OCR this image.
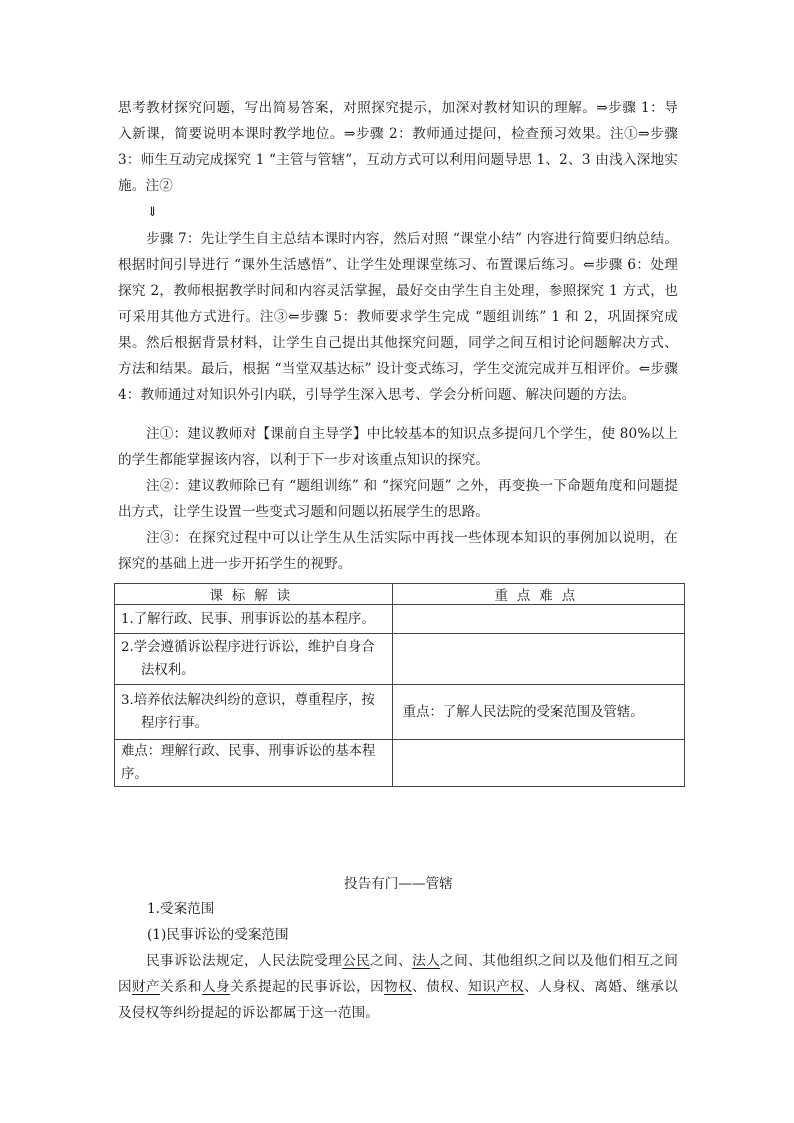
思考教材探究问题，写出简易答案，对照探究提示，加深对教材知识的理解。⇒步骤 1：导入新课，简要说明本课时教学地位。⇒步骤 2：教师通过提问，检查预习效果。注①⇒步骤 3：师生互动完成探究 1 “主管与管辖”，互动方式可以利用问题导思 1、2、3 由浅入深地实施。注②

⇓

步骤 7：先让学生自主总结本课时内容，然后对照 “课堂小结” 内容进行简要归纳总结。根据时间引导进行 “课外生活感悟”、让学生处理课堂练习、布置课后练习。⇐步骤 6：处理探究 2，教师根据教学时间和内容灵活掌握，最好交由学生自主处理，参照探究 1 方式，也可采用其他方式进行。注③⇐步骤 5：教师要求学生完成 “题组训练” 1 和 2，巩固探究成果。然后根据背景材料，让学生自己提出其他探究问题，同学之间互相讨论问题解决方式、方法和结果。最后，根据 “当堂双基达标” 设计变式练习，学生交流完成并互相评价。⇐步骤 4：教师通过对知识外引内联，引导学生深入思考、学会分析问题、解决问题的方法。

注①：建议教师对【课前自主导学】中比较基本的知识点多提问几个学生，使 80%以上的学生都能掌握该内容，以利于下一步对该重点知识的探究。

注②：建议教师除已有 “题组训练” 和 “探究问题” 之外，再变换一下命题角度和问题提出方式，让学生设置一些变式习题和问题以拓展学生的思路。

注③：在探究过程中可以让学生从生活实际中再找一些体现本知识的事例加以说明，在探究的基础上进一步开拓学生的视野。

课标解读	重点难点
1.了解行政、民事、刑事诉讼的基本程序。	
2.学会遵循诉讼程序进行诉讼，维护自身合法权利。	
3.培养依法解决纠纷的意识，尊重程序，按程序行事。	重点：了解人民法院的受案范围及管辖。
难点：理解行政、民事、刑事诉讼的基本程序。	
投告有门——管辖
1.受案范围
(1)民事诉讼的受案范围

民事诉讼法规定，人民法院受理公民之间、法人之间、其他组织之间以及他们相互之间因财产关系和人身关系提起的民事诉讼，因物权、债权、知识产权、人身权、离婚、继承以及侵权等纠纷提起的诉讼都属于这一范围。
